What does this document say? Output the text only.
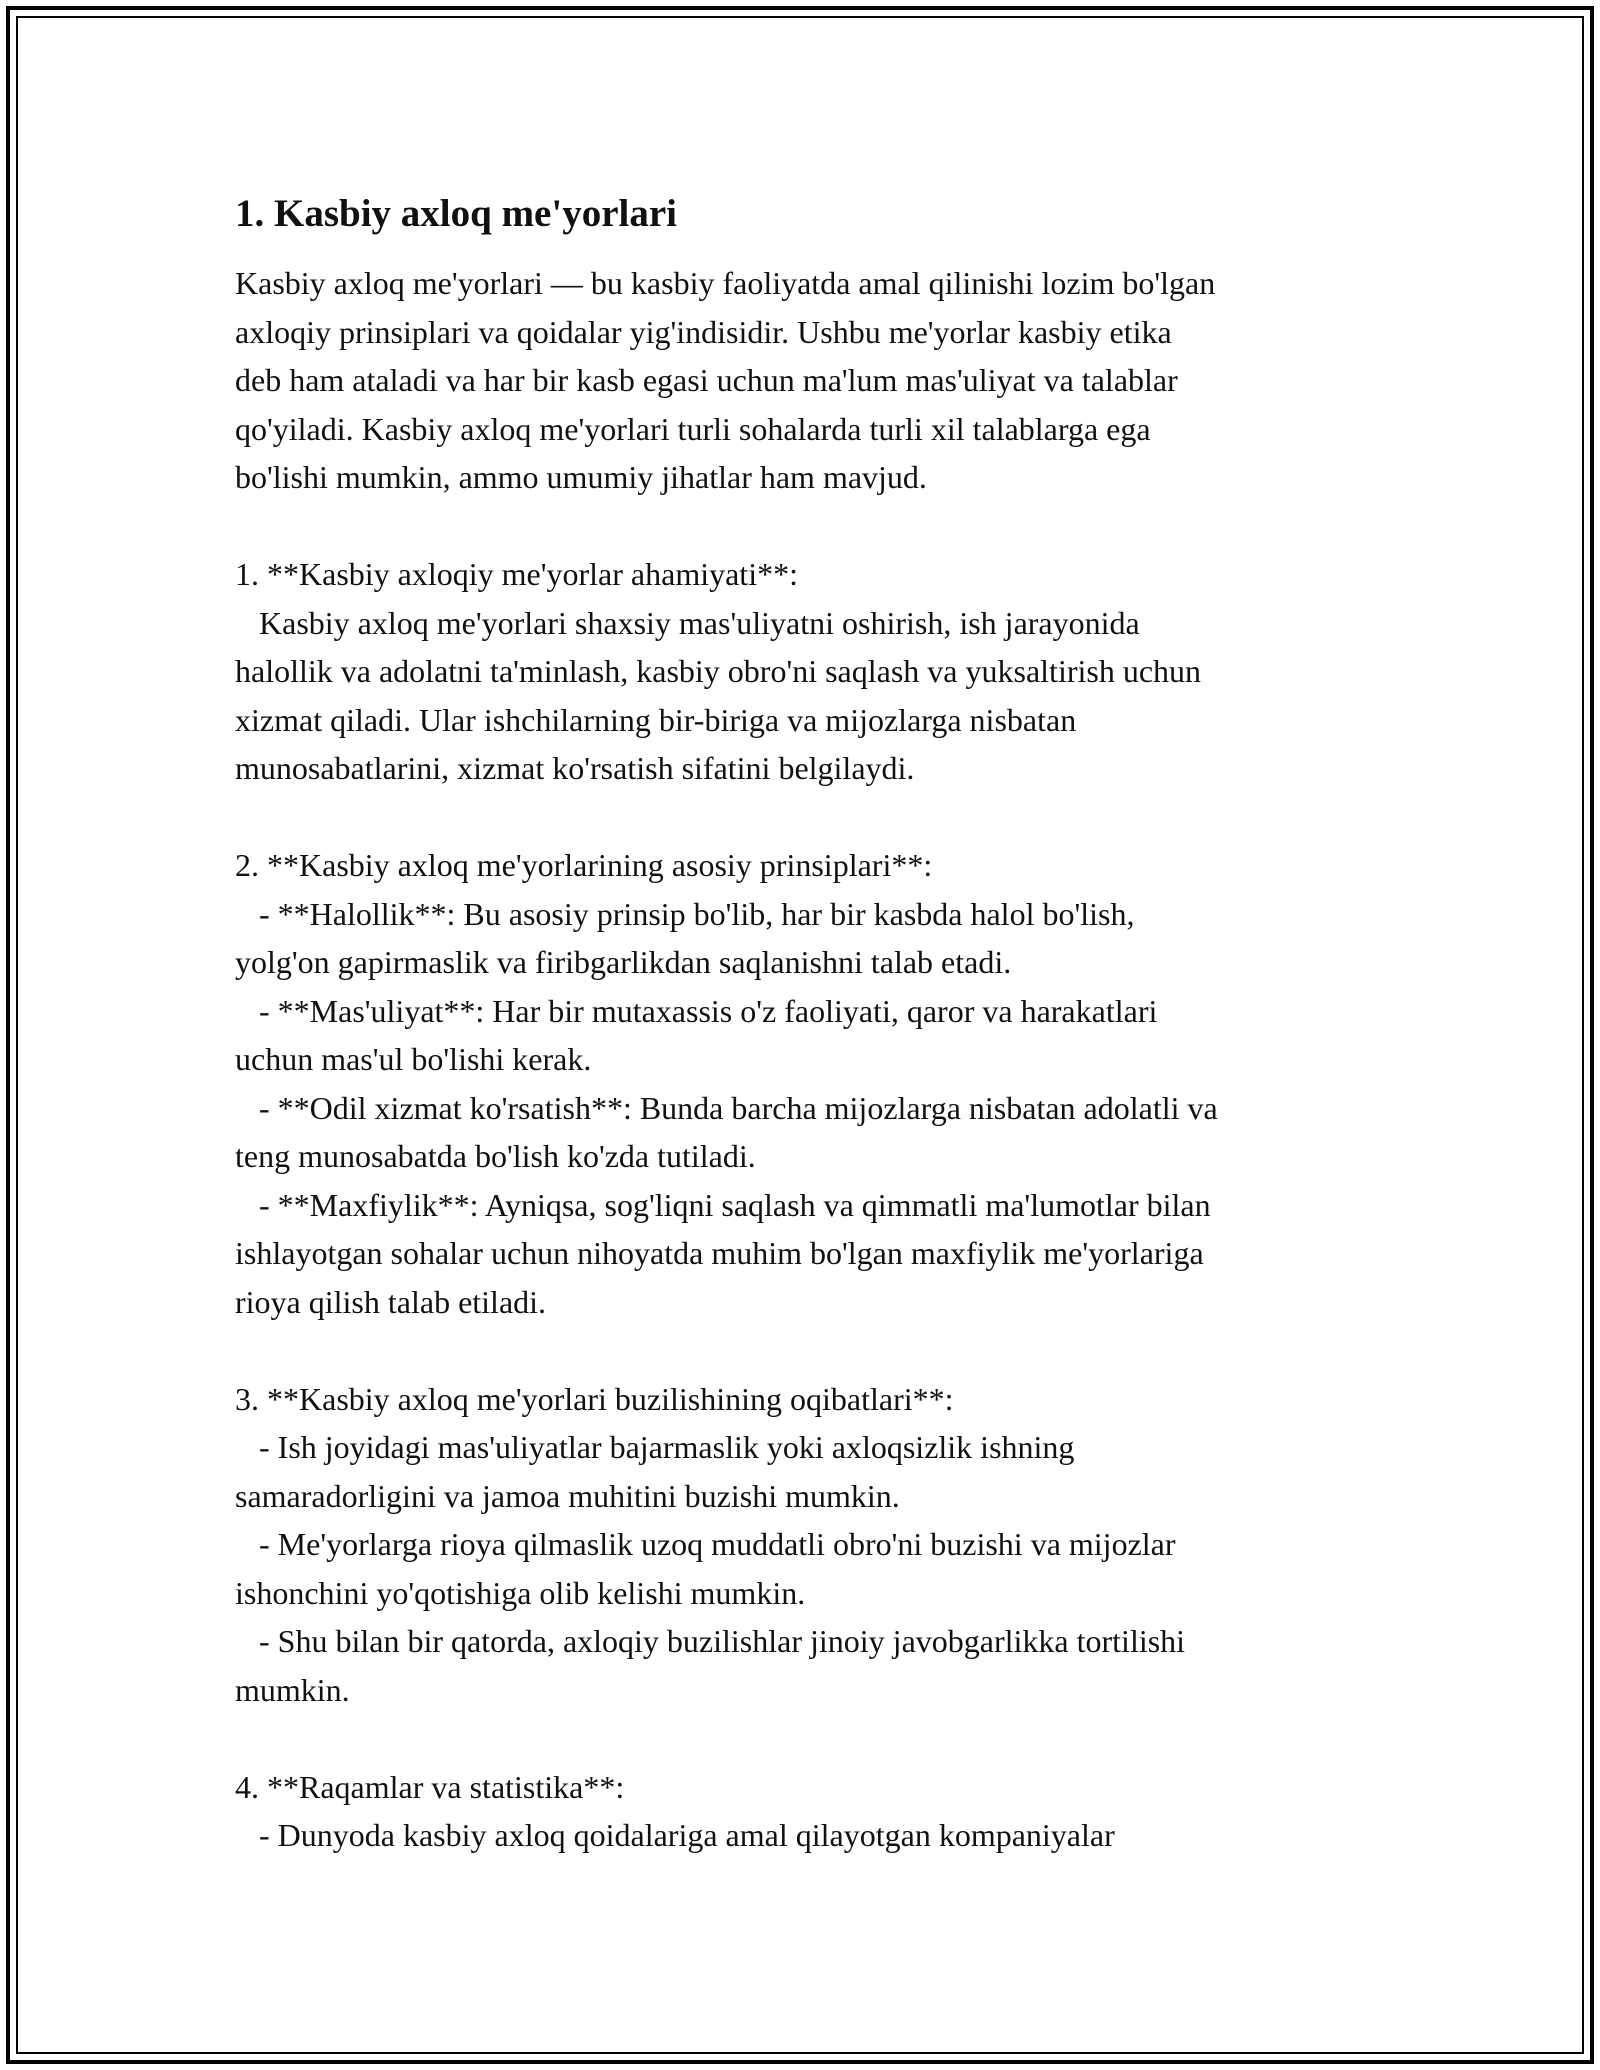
1. Kasbiy axloq me'yorlari
Kasbiy axloq me'yorlari — bu kasbiy faoliyatda amal qilinishi lozim bo'lgan
axloqiy prinsiplari va qoidalar yig'indisidir. Ushbu me'yorlar kasbiy etika
deb ham ataladi va har bir kasb egasi uchun ma'lum mas'uliyat va talablar
qo'yiladi. Kasbiy axloq me'yorlari turli sohalarda turli xil talablarga ega
bo'lishi mumkin, ammo umumiy jihatlar ham mavjud.
1. **Kasbiy axloqiy me'yorlar ahamiyati**:
Kasbiy axloq me'yorlari shaxsiy mas'uliyatni oshirish, ish jarayonida
halollik va adolatni ta'minlash, kasbiy obro'ni saqlash va yuksaltirish uchun
xizmat qiladi. Ular ishchilarning bir-biriga va mijozlarga nisbatan
munosabatlarini, xizmat ko'rsatish sifatini belgilaydi.
2. **Kasbiy axloq me'yorlarining asosiy prinsiplari**:
- **Halollik**: Bu asosiy prinsip bo'lib, har bir kasbda halol bo'lish,
yolg'on gapirmaslik va firibgarlikdan saqlanishni talab etadi.
- **Mas'uliyat**: Har bir mutaxassis o'z faoliyati, qaror va harakatlari
uchun mas'ul bo'lishi kerak.
- **Odil xizmat ko'rsatish**: Bunda barcha mijozlarga nisbatan adolatli va
teng munosabatda bo'lish ko'zda tutiladi.
- **Maxfiylik**: Ayniqsa, sog'liqni saqlash va qimmatli ma'lumotlar bilan
ishlayotgan sohalar uchun nihoyatda muhim bo'lgan maxfiylik me'yorlariga
rioya qilish talab etiladi.
3. **Kasbiy axloq me'yorlari buzilishining oqibatlari**:
- Ish joyidagi mas'uliyatlar bajarmaslik yoki axloqsizlik ishning
samaradorligini va jamoa muhitini buzishi mumkin.
- Me'yorlarga rioya qilmaslik uzoq muddatli obro'ni buzishi va mijozlar
ishonchini yo'qotishiga olib kelishi mumkin.
- Shu bilan bir qatorda, axloqiy buzilishlar jinoiy javobgarlikka tortilishi
mumkin.
4. **Raqamlar va statistika**:
- Dunyoda kasbiy axloq qoidalariga amal qilayotgan kompaniyalar
